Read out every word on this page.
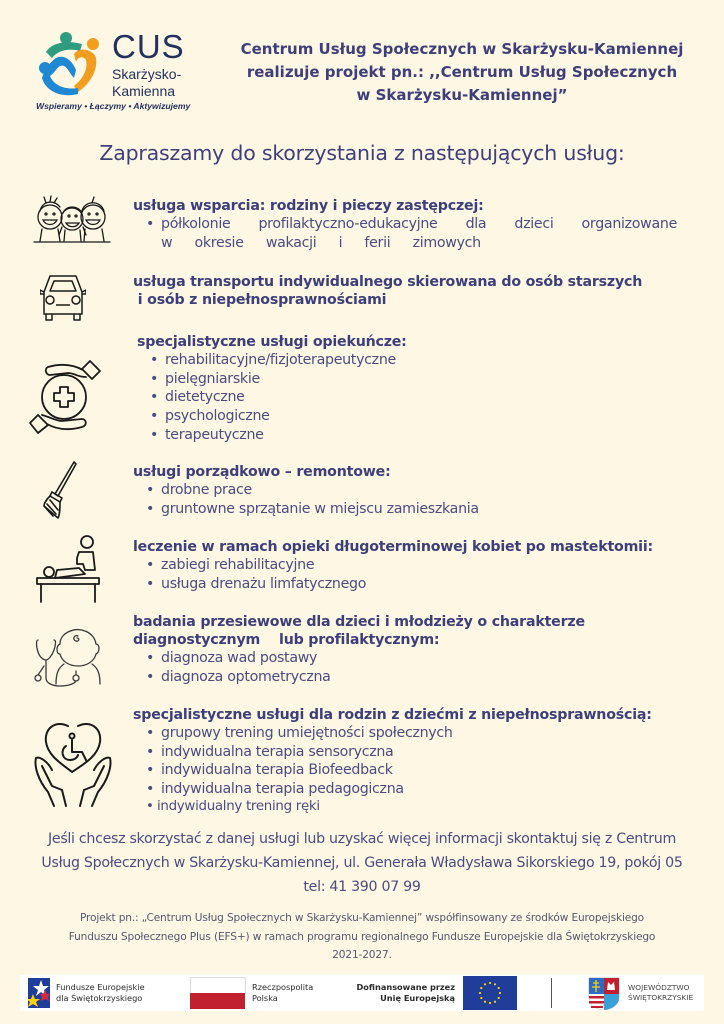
CUS
Skarżysko-
Kamienna
Wspieramy • Łączymy • Aktywizujemy
Centrum Usług Społecznych w Skarżysku-Kamiennej
realizuje projekt pn.: ,,Centrum Usług Społecznych
w Skarżysku-Kamiennej”
Zapraszamy do skorzystania z następujących usług:
usługa wsparcia: rodziny i pieczy zastępczej:
• półkolonie profilaktyczno-edukacyjne dla dzieci organizowane w okresie wakacji i ferii zimowych
usługa transportu indywidualnego skierowana do osób starszych
i osób z niepełnosprawnościami
specjalistyczne usługi opiekuńcze:
• rehabilitacyjne/fizjoterapeutyczne
• pielęgniarskie
• dietetyczne
• psychologiczne
• terapeutyczne
usługi porządkowo – remontowe:
• drobne prace
• gruntowne sprzątanie w miejscu zamieszkania
leczenie w ramach opieki długoterminowej kobiet po mastektomii:
• zabiegi rehabilitacyjne
• usługa drenażu limfatycznego
badania przesiewowe dla dzieci i młodzieży o charakterze
diagnostycznym    lub profilaktycznym:
• diagnoza wad postawy
• diagnoza optometryczna
specjalistyczne usługi dla rodzin z dziećmi z niepełnosprawnością:
• grupowy trening umiejętności społecznych
• indywidualna terapia sensoryczna
• indywidualna terapia Biofeedback
• indywidualna terapia pedagogiczna
• indywidualny trening ręki
Jeśli chcesz skorzystać z danej usługi lub uzyskać więcej informacji skontaktuj się z Centrum
Usług Społecznych w Skarżysku-Kamiennej, ul. Generała Władysława Sikorskiego 19, pokój 05
tel: 41 390 07 99
Projekt pn.: „Centrum Usług Społecznych w Skarżysku-Kamiennej” współfinsowany ze środków Europejskiego
Funduszu Społecznego Plus (EFS+) w ramach programu regionalnego Fundusze Europejskie dla Świętokrzyskiego
2021-2027.
Fundusze Europejskie
dla Świętokrzyskiego
Rzeczpospolita
Polska
Dofinansowane przez
Unię Europejską
WOJEWÓDZTWO
ŚWIĘTOKRZYSKIE
